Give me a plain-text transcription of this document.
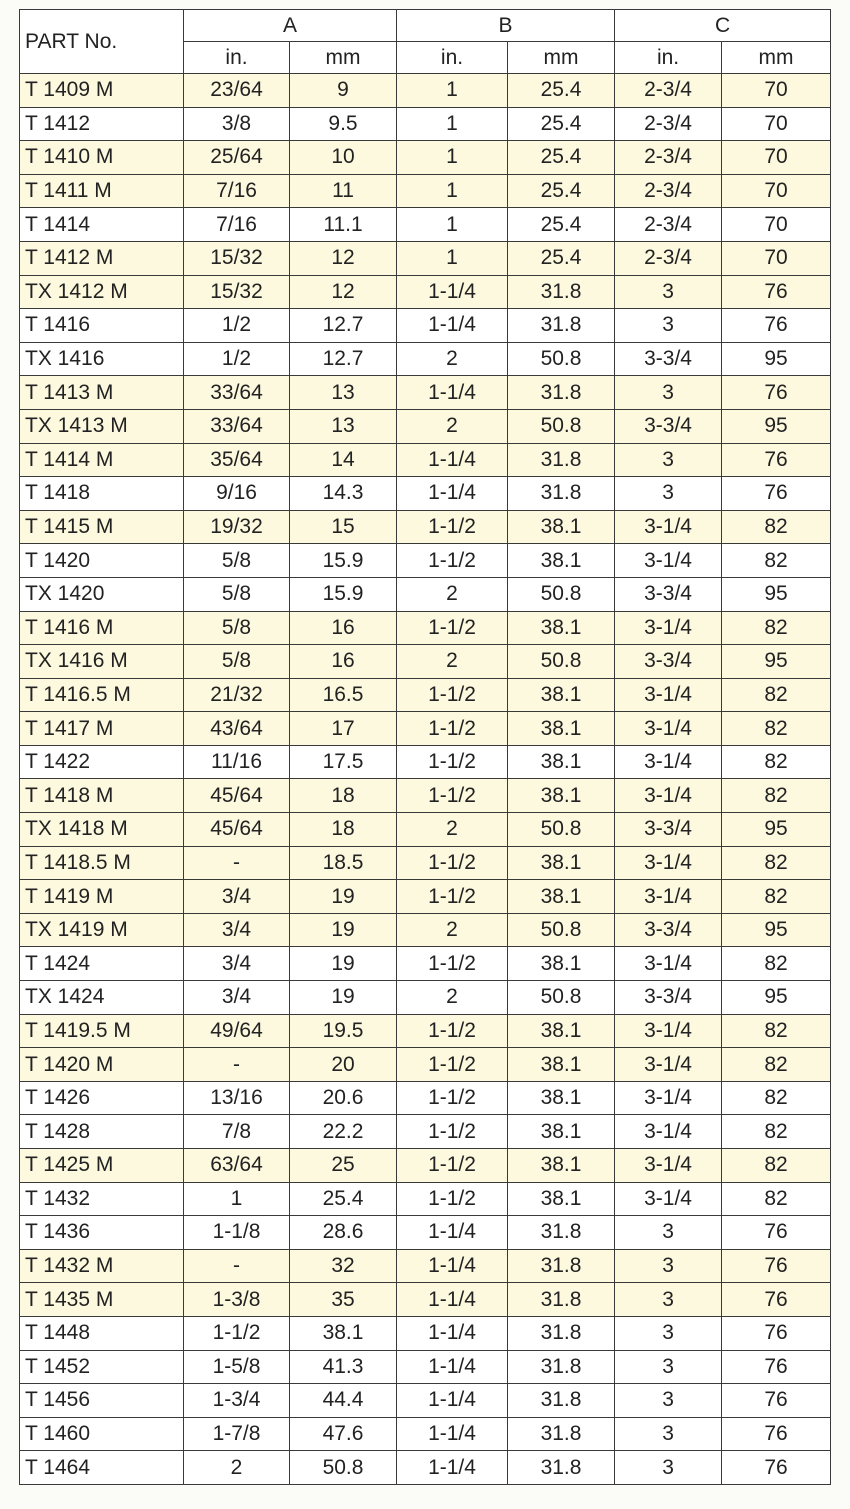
PART No.	A		B		C	
	in.	mm	in.	mm	in.	mm
T 1409 M	23/64	9	1	25.4	2-3/4	70
T 1412	3/8	9.5	1	25.4	2-3/4	70
T 1410 M	25/64	10	1	25.4	2-3/4	70
T 1411 M	7/16	11	1	25.4	2-3/4	70
T 1414	7/16	11.1	1	25.4	2-3/4	70
T 1412 M	15/32	12	1	25.4	2-3/4	70
TX 1412 M	15/32	12	1-1/4	31.8	3	76
T 1416	1/2	12.7	1-1/4	31.8	3	76
TX 1416	1/2	12.7	2	50.8	3-3/4	95
T 1413 M	33/64	13	1-1/4	31.8	3	76
TX 1413 M	33/64	13	2	50.8	3-3/4	95
T 1414 M	35/64	14	1-1/4	31.8	3	76
T 1418	9/16	14.3	1-1/4	31.8	3	76
T 1415 M	19/32	15	1-1/2	38.1	3-1/4	82
T 1420	5/8	15.9	1-1/2	38.1	3-1/4	82
TX 1420	5/8	15.9	2	50.8	3-3/4	95
T 1416 M	5/8	16	1-1/2	38.1	3-1/4	82
TX 1416 M	5/8	16	2	50.8	3-3/4	95
T 1416.5 M	21/32	16.5	1-1/2	38.1	3-1/4	82
T 1417 M	43/64	17	1-1/2	38.1	3-1/4	82
T 1422	11/16	17.5	1-1/2	38.1	3-1/4	82
T 1418 M	45/64	18	1-1/2	38.1	3-1/4	82
TX 1418 M	45/64	18	2	50.8	3-3/4	95
T 1418.5 M	-	18.5	1-1/2	38.1	3-1/4	82
T 1419 M	3/4	19	1-1/2	38.1	3-1/4	82
TX 1419 M	3/4	19	2	50.8	3-3/4	95
T 1424	3/4	19	1-1/2	38.1	3-1/4	82
TX 1424	3/4	19	2	50.8	3-3/4	95
T 1419.5 M	49/64	19.5	1-1/2	38.1	3-1/4	82
T 1420 M	-	20	1-1/2	38.1	3-1/4	82
T 1426	13/16	20.6	1-1/2	38.1	3-1/4	82
T 1428	7/8	22.2	1-1/2	38.1	3-1/4	82
T 1425 M	63/64	25	1-1/2	38.1	3-1/4	82
T 1432	1	25.4	1-1/2	38.1	3-1/4	82
T 1436	1-1/8	28.6	1-1/4	31.8	3	76
T 1432 M	-	32	1-1/4	31.8	3	76
T 1435 M	1-3/8	35	1-1/4	31.8	3	76
T 1448	1-1/2	38.1	1-1/4	31.8	3	76
T 1452	1-5/8	41.3	1-1/4	31.8	3	76
T 1456	1-3/4	44.4	1-1/4	31.8	3	76
T 1460	1-7/8	47.6	1-1/4	31.8	3	76
T 1464	2	50.8	1-1/4	31.8	3	76
